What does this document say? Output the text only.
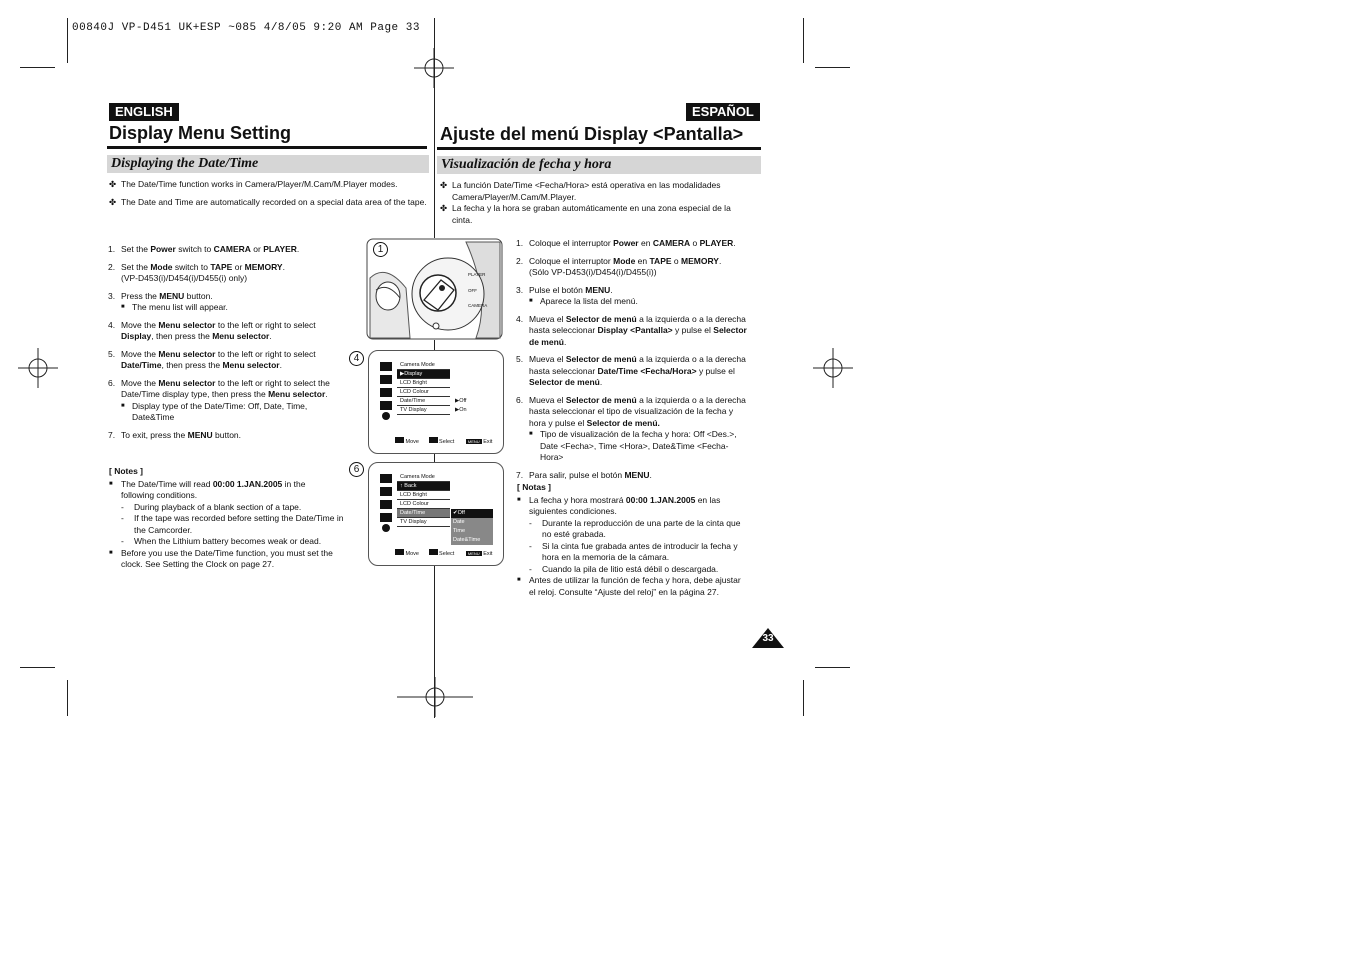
00840J VP-D451 UK+ESP ~085 4/8/05 9:20 AM Page 33
ENGLISH
Display Menu Setting
Displaying the Date/Time
✤ The Date/Time function works in Camera/Player/M.Cam/M.Player modes.
✤ The Date and Time are automatically recorded on a special data area of the tape.
1. Set the Power switch to CAMERA or PLAYER.
2. Set the Mode switch to TAPE or MEMORY.
(VP-D453(i)/D454(i)/D455(i) only)
3. Press the MENU button.
■ The menu list will appear.
4. Move the Menu selector to the left or right to select
Display, then press the Menu selector.
5. Move the Menu selector to the left or right to select
Date/Time, then press the Menu selector.
6. Move the Menu selector to the left or right to select the
Date/Time display type, then press the Menu selector.
■ Display type of the Date/Time: Off, Date, Time,
Date&Time
7. To exit, press the MENU button.
[ Notes ]
■ The Date/Time will read 00:00 1.JAN.2005 in the
following conditions.
- During playback of a blank section of a tape.
- If the tape was recorded before setting the Date/Time in
the Camcorder.
- When the Lithium battery becomes weak or dead.
■ Before you use the Date/Time function, you must set the
clock. See Setting the Clock on page 27.
ESPAÑOL
Ajuste del menú Display <Pantalla>
Visualización de fecha y hora
✤ La función Date/Time <Fecha/Hora> está operativa en las modalidades
Camera/Player/M.Cam/M.Player.
✤ La fecha y la hora se graban automáticamente en una zona especial de la
cinta.
1. Coloque el interruptor Power en CAMERA o PLAYER.
2. Coloque el interruptor Mode en TAPE o MEMORY.
(Sólo VP-D453(i)/D454(i)/D455(i))
3. Pulse el botón MENU.
■ Aparece la lista del menú.
4. Mueva el Selector de menú a la izquierda o a la derecha
hasta seleccionar Display <Pantalla> y pulse el Selector
de menú.
5. Mueva el Selector de menú a la izquierda o a la derecha
hasta seleccionar Date/Time <Fecha/Hora> y pulse el
Selector de menú.
6. Mueva el Selector de menú a la izquierda o a la derecha
hasta seleccionar el tipo de visualización de la fecha y
hora y pulse el Selector de menú.
■ Tipo de visualización de la fecha y hora: Off <Des.>,
Date <Fecha>, Time <Hora>, Date&Time <Fecha-
Hora>
7. Para salir, pulse el botón MENU.
[ Notas ]
■ La fecha y hora mostrará 00:00 1.JAN.2005 en las
siguientes condiciones.
- Durante la reproducción de una parte de la cinta que
no esté grabada.
- Si la cinta fue grabada antes de introducir la fecha y
hora en la memoria de la cámara.
- Cuando la pila de litio está débil o descargada.
■ Antes de utilizar la función de fecha y hora, debe ajustar
el reloj. Consulte “Ajuste del reloj” en la página 27.
PLAYER
OFF
CAMERA
1
Camera Mode
▶Display
LCD Bright
LCD Colour
Date/Time
TV Display
▶Off
▶On
Move	Select	MENU Exit
4
Camera Mode
↑ Back
LCD Bright
LCD Colour
Date/Time
TV Display
✔Off
Date
Time
Date&Time
Move	Select	MENU Exit
6
33
